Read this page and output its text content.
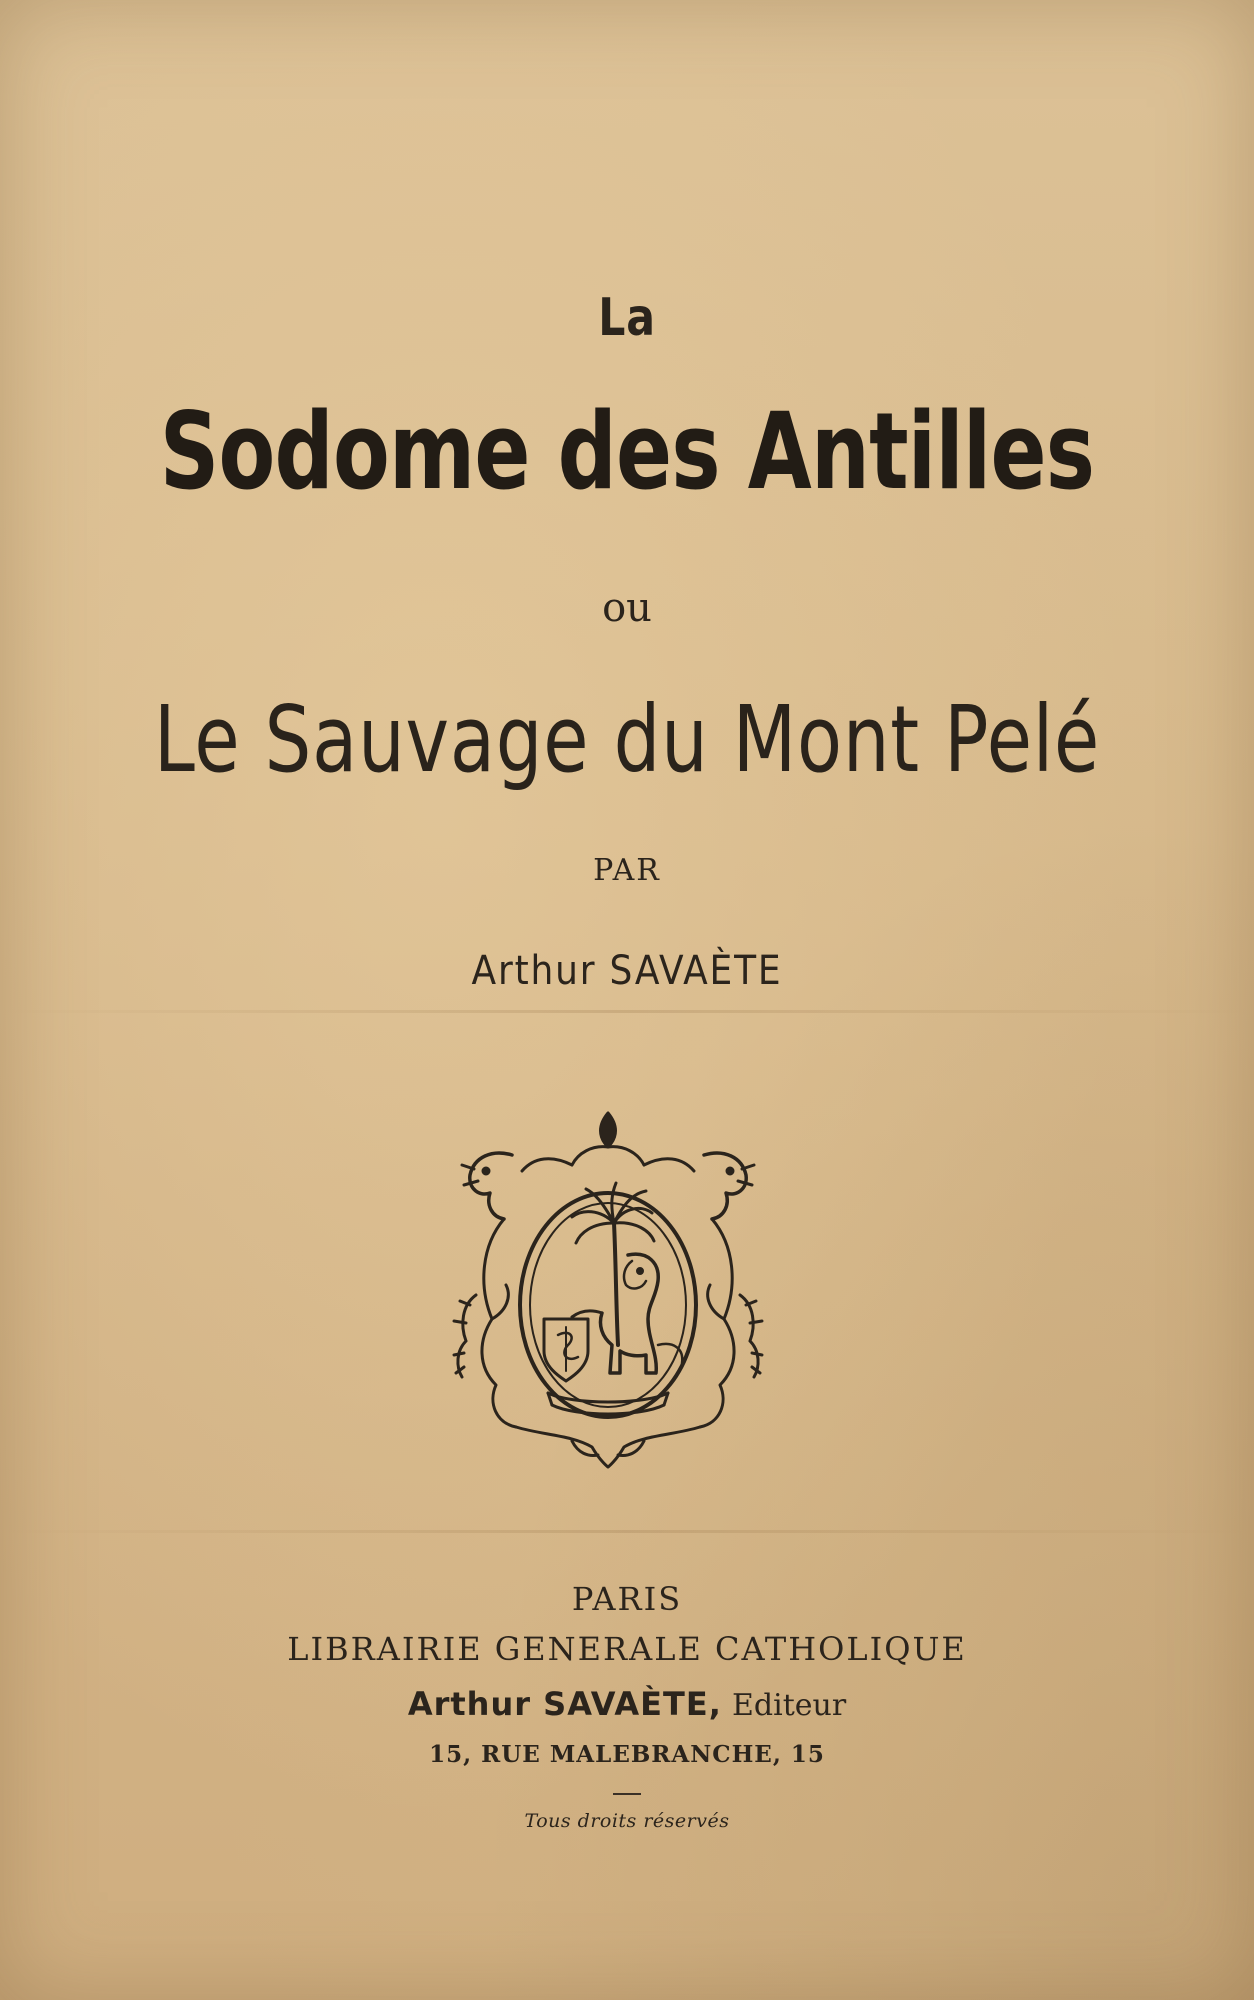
La
Sodome des Antilles
ou
Le Sauvage du Mont Pelé
PAR
Arthur SAVAÈTE
PARIS
LIBRAIRIE GENERALE CATHOLIQUE
Arthur SAVAÈTE, Editeur
15, RUE MALEBRANCHE, 15
Tous droits réservés
